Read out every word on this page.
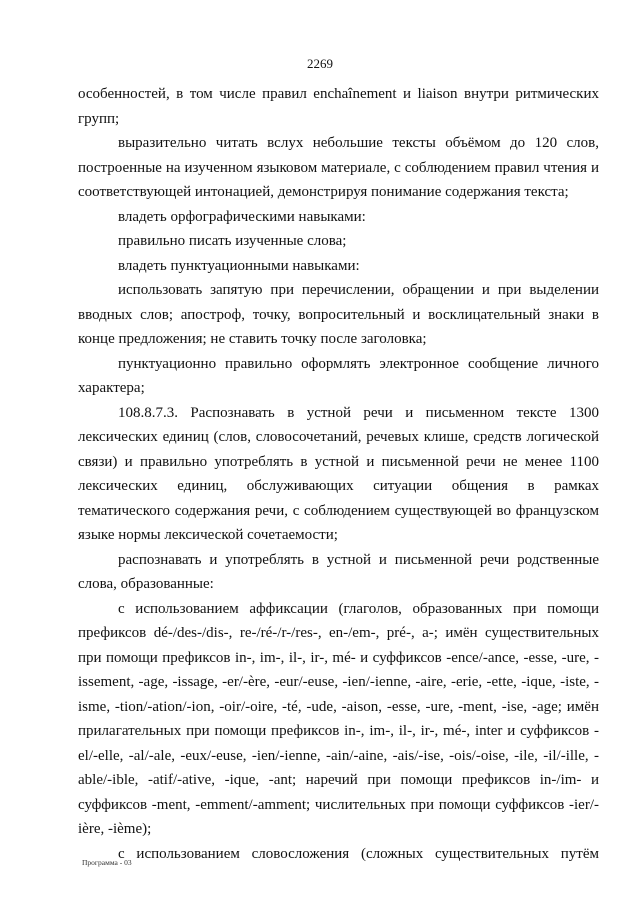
2269

особенностей, в том числе правил enchaînement и liaison внутри ритмических групп;

выразительно читать вслух небольшие тексты объёмом до 120 слов, построенные на изученном языковом материале, с соблюдением правил чтения и соответствующей интонацией, демонстрируя понимание содержания текста;

владеть орфографическими навыками:

правильно писать изученные слова;

владеть пунктуационными навыками:

использовать запятую при перечислении, обращении и при выделении вводных слов; апостроф, точку, вопросительный и восклицательный знаки в конце предложения; не ставить точку после заголовка;

пунктуационно правильно оформлять электронное сообщение личного характера;

108.8.7.3. Распознавать в устной речи и письменном тексте 1300 лексических единиц (слов, словосочетаний, речевых клише, средств логической связи) и правильно употреблять в устной и письменной речи не менее 1100 лексических единиц, обслуживающих ситуации общения в рамках тематического содержания речи, с соблюдением существующей во французском языке нормы лексической сочетаемости;

распознавать и употреблять в устной и письменной речи родственные слова, образованные:

с использованием аффиксации (глаголов, образованных при помощи префиксов dé-/des-/dis-, re-/ré-/r-/res-, en-/em-, pré-, a-; имён существительных при помощи префиксов in-, im-, il-, ir-, mé- и суффиксов -ence/-ance, -esse, -ure, -issement, -age, -issage, -er/-ère, -eur/-euse, -ien/-ienne, -aire, -erie, -ette, -ique, -iste, -isme, -tion/-ation/-ion, -oir/-oire, -té, -ude, -aison, -esse, -ure, -ment, -ise, -age; имён прилагательных при помощи префиксов in-, im-, il-, ir-, mé-, inter и суффиксов -el/-elle, -al/-ale, -eux/-euse, -ien/-ienne, -ain/-aine, -ais/-ise, -ois/-oise, -ile, -il/-ille, -able/-ible, -atif/-ative, -ique, -ant; наречий при помощи префиксов in-/im- и суффиксов -ment, -emment/-amment; числительных при помощи суффиксов -ier/-ière, -ième);

с использованием словосложения (сложных существительных путём

Программа - 03
